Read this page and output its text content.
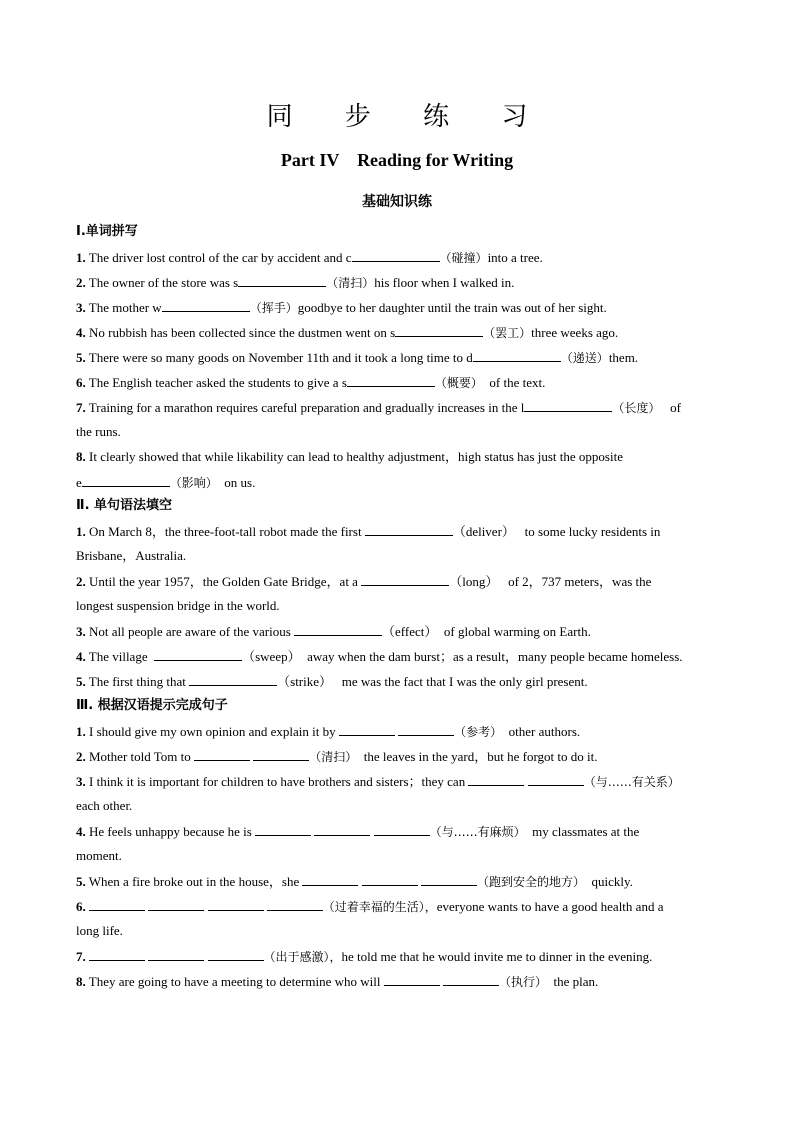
同 步 练 习
Part IV　Reading for Writing
基础知识练
Ⅰ.单词拼写
1. The driver lost control of the car by accident and c	（碰撞）into a tree.
2. The owner of the store was s	（清扫）his floor when I walked in.
3. The mother w	（挥手）goodbye to her daughter until the train was out of her sight.
4. No rubbish has been collected since the dustmen went on s	（罢工）three weeks ago.
5. There were so many goods on November 11th and it took a long time to d	（递送）them.
6. The English teacher asked the students to give a s	（概要） of the text.
7. Training for a marathon requires careful preparation and gradually increases in the l	（长度） of
the runs.
8. It clearly showed that while likability can lead to healthy adjustment，high status has just the opposite
e	（影响） on us.
Ⅱ. 单句语法填空
1. On March 8，the three-foot-tall robot made the first	（deliver） to some lucky residents in
Brisbane，Australia.
2. Until the year 1957，the Golden Gate Bridge，at a	（long） of 2，737 meters，was the
longest suspension bridge in the world.
3. Not all people are aware of the various	（effect） of global warming on Earth.
4. The village	（sweep） away when the dam burst；as a result，many people became homeless.
5. The first thing that	（strike） me was the fact that I was the only girl present.
Ⅲ. 根据汉语提示完成句子
1. I should give my own opinion and explain it by	（参考） other authors.
2. Mother told Tom to	（清扫） the leaves in the yard，but he forgot to do it.
3. I think it is important for children to have brothers and sisters；they can	（与……有关系）
each other.
4. He feels unhappy because he is	（与……有麻烦） my classmates at the
moment.
5. When a fire broke out in the house，she	（跑到安全的地方） quickly.
6.	（过着幸福的生活），everyone wants to have a good health and a
long life.
7.	（出于感激），he told me that he would invite me to dinner in the evening.
8. They are going to have a meeting to determine who will	（执行） the plan.
